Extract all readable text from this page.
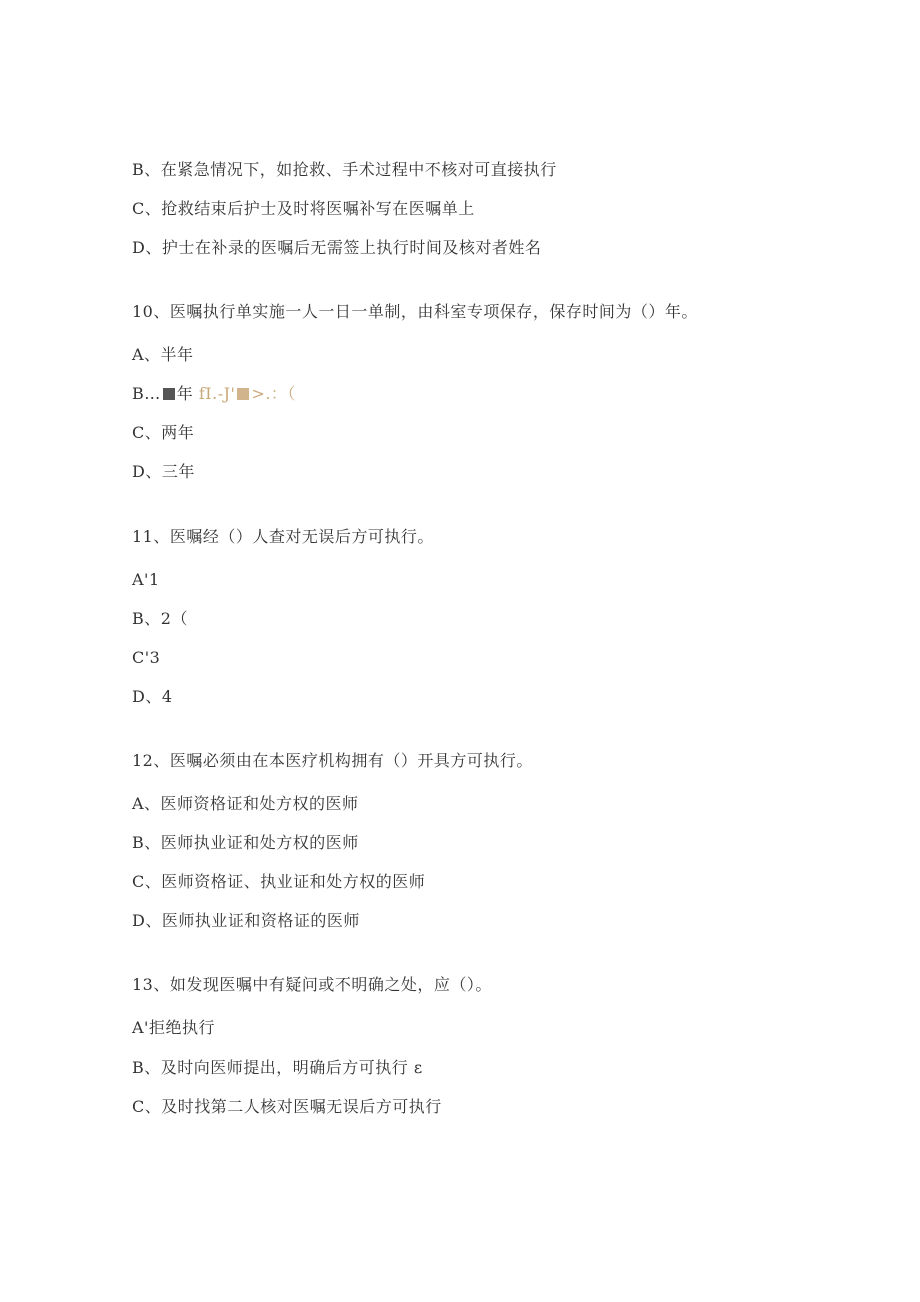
B、在紧急情况下，如抢救、手术过程中不核对可直接执行
C、抢救结束后护士及时将医嘱补写在医嘱单上
D、护士在补录的医嘱后无需签上执行时间及核对者姓名
10、医嘱执行单实施一人一日一单制，由科室专项保存，保存时间为（）年。
A、半年
B… 年 fI.-J' >.：（
C、两年
D、三年
11、医嘱经（）人查对无误后方可执行。
A'1
B、2（
C'3
D、4
12、医嘱必须由在本医疗机构拥有（）开具方可执行。
A、医师资格证和处方权的医师
B、医师执业证和处方权的医师
C、医师资格证、执业证和处方权的医师
D、医师执业证和资格证的医师
13、如发现医嘱中有疑问或不明确之处，应（）。
A'拒绝执行
B、及时向医师提出，明确后方可执行 ε
C、及时找第二人核对医嘱无误后方可执行
